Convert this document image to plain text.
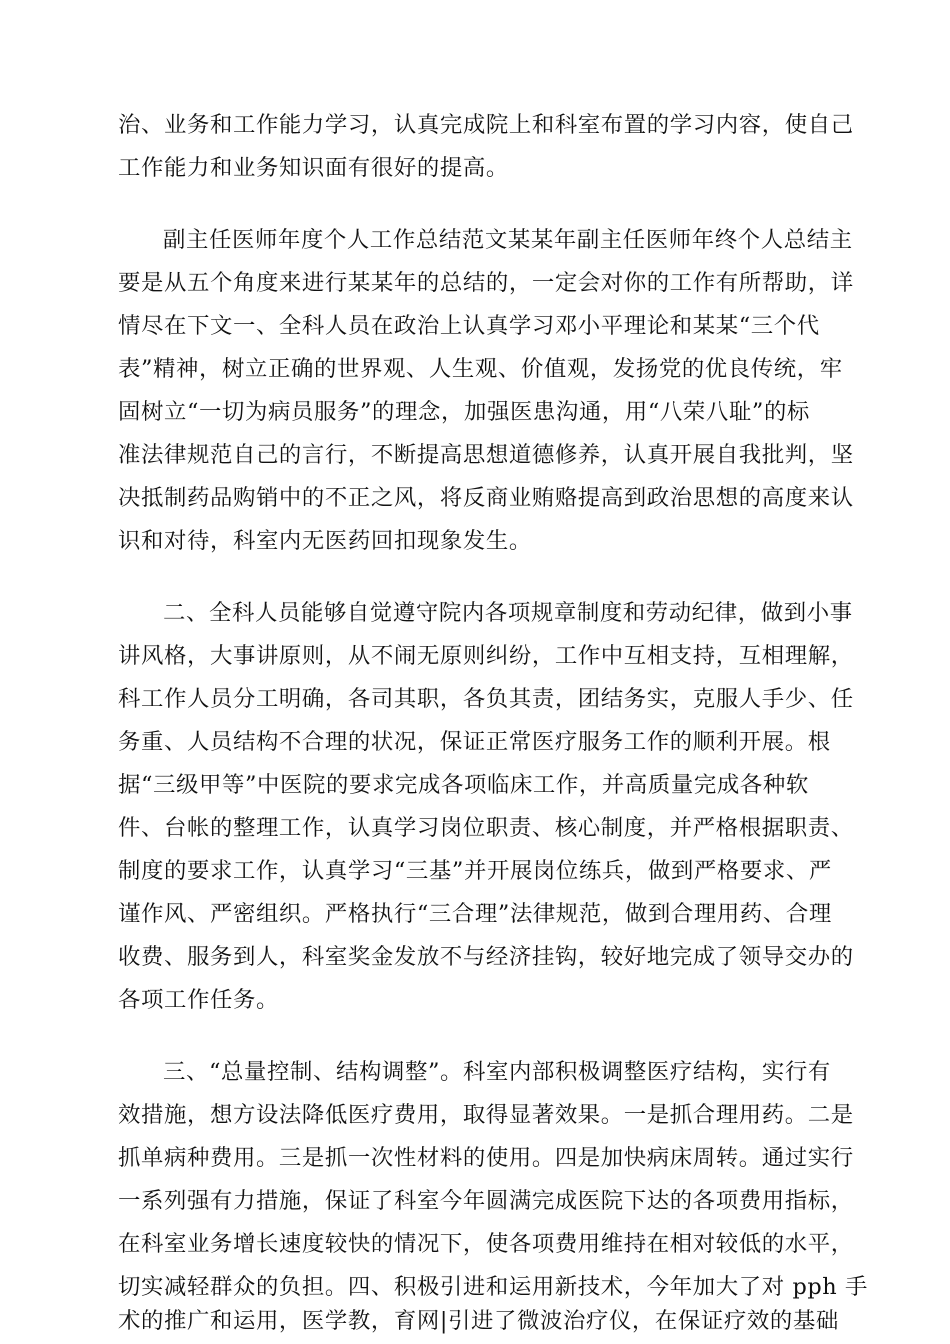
治、业务和工作能力学习，认真完成院上和科室布置的学习内容，使自己
工作能力和业务知识面有很好的提高。
副主任医师年度个人工作总结范文某某年副主任医师年终个人总结主
要是从五个角度来进行某某年的总结的，一定会对你的工作有所帮助，详
情尽在下文一、全科人员在政治上认真学习邓小平理论和某某“三个代
表”精神，树立正确的世界观、人生观、价值观，发扬党的优良传统，牢
固树立“一切为病员服务”的理念，加强医患沟通，用“八荣八耻”的标
准法律规范自己的言行，不断提高思想道德修养，认真开展自我批判，坚
决抵制药品购销中的不正之风，将反商业贿赂提高到政治思想的高度来认
识和对待，科室内无医药回扣现象发生。
二、全科人员能够自觉遵守院内各项规章制度和劳动纪律，做到小事
讲风格，大事讲原则，从不闹无原则纠纷，工作中互相支持，互相理解，
科工作人员分工明确，各司其职，各负其责，团结务实，克服人手少、任
务重、人员结构不合理的状况，保证正常医疗服务工作的顺利开展。根
据“三级甲等”中医院的要求完成各项临床工作，并高质量完成各种软
件、台帐的整理工作，认真学习岗位职责、核心制度，并严格根据职责、
制度的要求工作，认真学习“三基”并开展岗位练兵，做到严格要求、严
谨作风、严密组织。严格执行“三合理”法律规范，做到合理用药、合理
收费、服务到人，科室奖金发放不与经济挂钩，较好地完成了领导交办的
各项工作任务。
三、“总量控制、结构调整”。科室内部积极调整医疗结构，实行有
效措施，想方设法降低医疗费用，取得显著效果。一是抓合理用药。二是
抓单病种费用。三是抓一次性材料的使用。四是加快病床周转。通过实行
一系列强有力措施，保证了科室今年圆满完成医院下达的各项费用指标，
在科室业务增长速度较快的情况下，使各项费用维持在相对较低的水平，
切实减轻群众的负担。四、积极引进和运用新技术，今年加大了对 pph 手
术的推广和运用，医学教，育网|引进了微波治疗仪，在保证疗效的基础
